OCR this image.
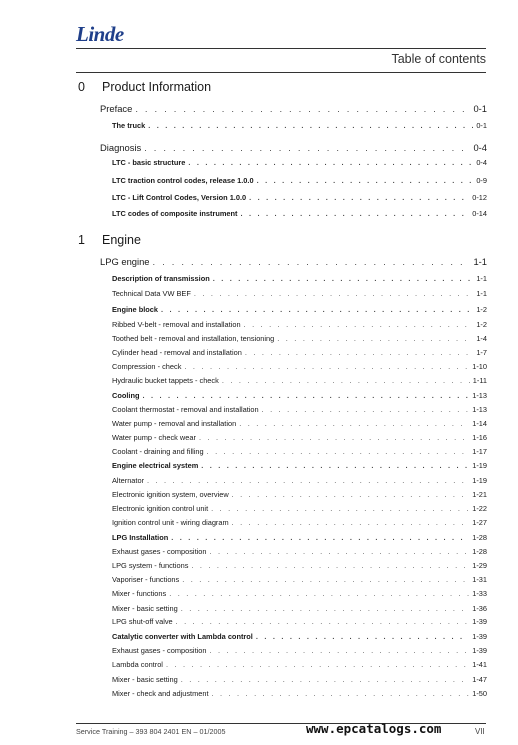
Linde
Table of contents
0 Product Information
Preface . . .	0-1
The truck . . .	0-1
Diagnosis . . .	0-4
LTC - basic structure . . .	0-4
LTC traction control codes, release 1.0.0 . . .	0-9
LTC - Lift Control Codes, Version 1.0.0 . . .	0-12
LTC codes of composite instrument . . .	0-14
1 Engine
LPG engine . . .	1-1
Description of transmission . . .	1-1
Technical Data VW BEF . . .	1-1
Engine block . . .	1-2
Ribbed V-belt - removal and installation . . .	1-2
Toothed belt - removal and installation, tensioning . . .	1-4
Cylinder head - removal and installation . . .	1-7
Compression - check . . .	1-10
Hydraulic bucket tappets - check . . .	1-11
Cooling . . .	1-13
Coolant thermostat - removal and installation . . .	1-13
Water pump - removal and installation . . .	1-14
Water pump - check wear . . .	1-16
Coolant - draining and filling . . .	1-17
Engine electrical system . . .	1-19
Alternator . . .	1-19
Electronic ignition system, overview . . .	1-21
Electronic ignition control unit . . .	1-22
Ignition control unit - wiring diagram . . .	1-27
LPG Installation . . .	1-28
Exhaust gases - composition . . .	1-28
LPG system - functions . . .	1-29
Vaporiser - functions . . .	1-31
Mixer - functions . . .	1-33
Mixer - basic setting . . .	1-36
LPG shut-off valve . . .	1-39
Catalytic converter with Lambda control . . .	1-39
Exhaust gases - composition . . .	1-39
Lambda control . . .	1-41
Mixer - basic setting . . .	1-47
Mixer - check and adjustment . . .	1-50
Service Training – 393 804 2401 EN – 01/2005	www.epcatalogs.com	VII
